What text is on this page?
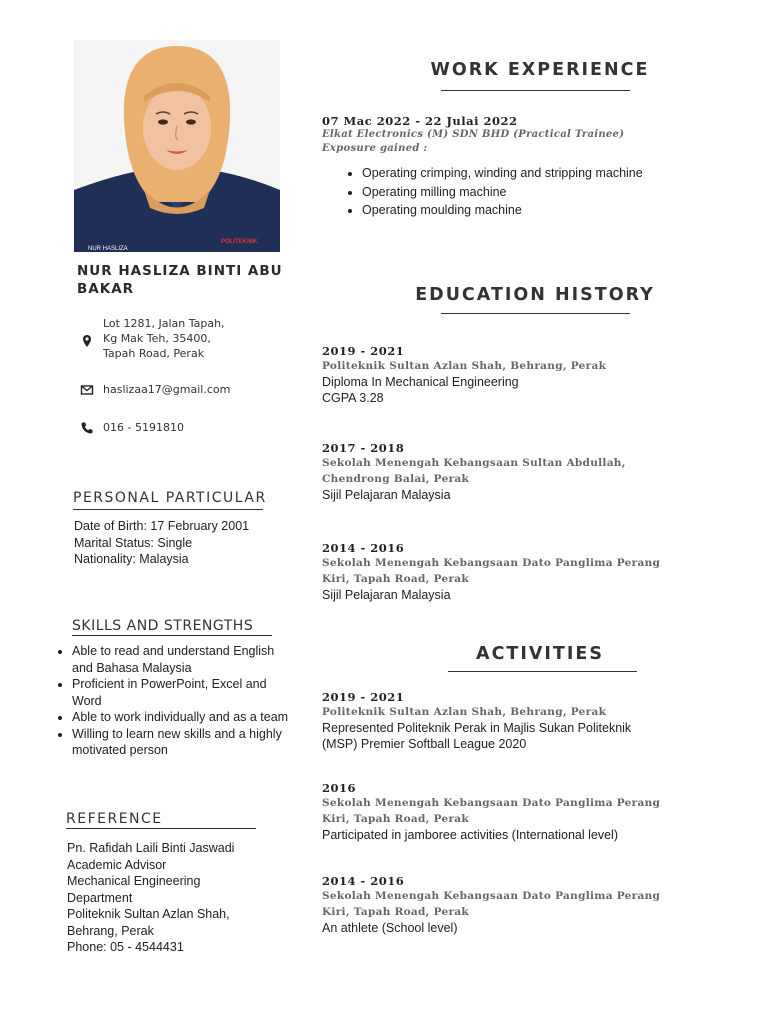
NUR HASLIZA
POLITEKNIK
NUR HASLIZA BINTI ABU BAKAR
Lot 1281, Jalan Tapah,
Kg Mak Teh, 35400,
Tapah Road, Perak
haslizaa17@gmail.com
016 - 5191810
PERSONAL PARTICULAR
Date of Birth: 17 February 2001
Marital Status: Single
Nationality: Malaysia
SKILLS AND STRENGTHS
• Able to read and understand English and Bahasa Malaysia
• Proficient in PowerPoint, Excel and Word
• Able to work individually and as a team
• Willing to learn new skills and a highly motivated person
REFERENCE
Pn. Rafidah Laili Binti Jaswadi
Academic Advisor
Mechanical Engineering Department
Politeknik Sultan Azlan Shah, Behrang, Perak
Phone: 05 - 4544431
WORK EXPERIENCE
07 Mac 2022 - 22 Julai 2022
Elkat Electronics (M) SDN BHD (Practical Trainee)
Exposure gained :
• Operating crimping, winding and stripping machine
• Operating milling machine
• Operating moulding machine
EDUCATION HISTORY
2019 - 2021
Politeknik Sultan Azlan Shah, Behrang, Perak
Diploma In Mechanical Engineering
CGPA 3.28
2017 - 2018
Sekolah Menengah Kebangsaan Sultan Abdullah, Chendrong Balai, Perak
Sijil Pelajaran Malaysia
2014 - 2016
Sekolah Menengah Kebangsaan Dato Panglima Perang Kiri, Tapah Road, Perak
Sijil Pelajaran Malaysia
ACTIVITIES
2019 - 2021
Politeknik Sultan Azlan Shah, Behrang, Perak
Represented Politeknik Perak in Majlis Sukan Politeknik (MSP) Premier Softball League 2020
2016
Sekolah Menengah Kebangsaan Dato Panglima Perang Kiri, Tapah Road, Perak
Participated in jamboree activities (International level)
2014 - 2016
Sekolah Menengah Kebangsaan Dato Panglima Perang Kiri, Tapah Road, Perak
An athlete (School level)
